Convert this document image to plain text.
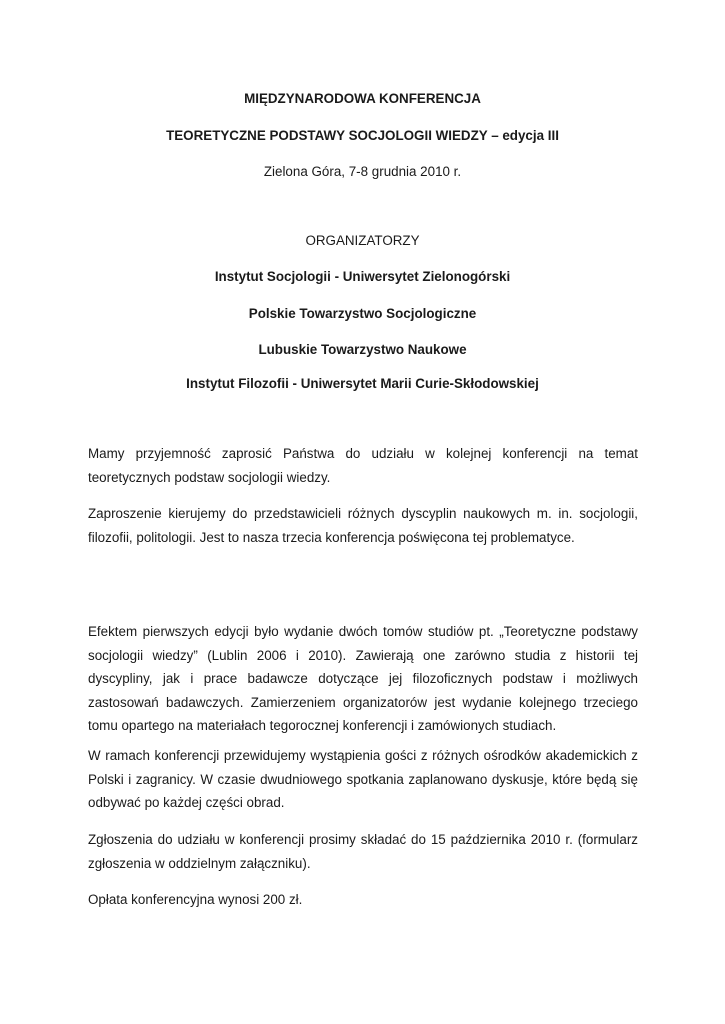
MIĘDZYNARODOWA KONFERENCJA
TEORETYCZNE PODSTAWY SOCJOLOGII WIEDZY – edycja III
Zielona Góra, 7-8 grudnia 2010 r.
ORGANIZATORZY
Instytut Socjologii - Uniwersytet Zielonogórski
Polskie Towarzystwo Socjologiczne
Lubuskie Towarzystwo Naukowe
Instytut Filozofii - Uniwersytet Marii Curie-Skłodowskiej
Mamy przyjemność zaprosić Państwa do udziału w kolejnej konferencji na temat teoretycznych podstaw socjologii wiedzy.
Zaproszenie kierujemy do przedstawicieli różnych dyscyplin naukowych m. in. socjologii, filozofii, politologii. Jest to nasza trzecia konferencja poświęcona tej problematyce.
Efektem pierwszych edycji było wydanie dwóch tomów studiów pt. „Teoretyczne podstawy socjologii wiedzy” (Lublin 2006 i 2010). Zawierają one zarówno studia z historii tej dyscypliny, jak i prace badawcze dotyczące jej filozoficznych podstaw i możliwych zastosowań badawczych. Zamierzeniem organizatorów jest wydanie kolejnego trzeciego tomu opartego na materiałach tegorocznej konferencji i zamówionych studiach.
W ramach konferencji przewidujemy wystąpienia gości z różnych ośrodków akademickich z Polski i zagranicy. W czasie dwudniowego spotkania zaplanowano dyskusje, które będą się odbywać po każdej części obrad.
Zgłoszenia do udziału w konferencji prosimy składać do 15 października 2010 r. (formularz zgłoszenia w oddzielnym załączniku).
Opłata konferencyjna wynosi 200 zł.
